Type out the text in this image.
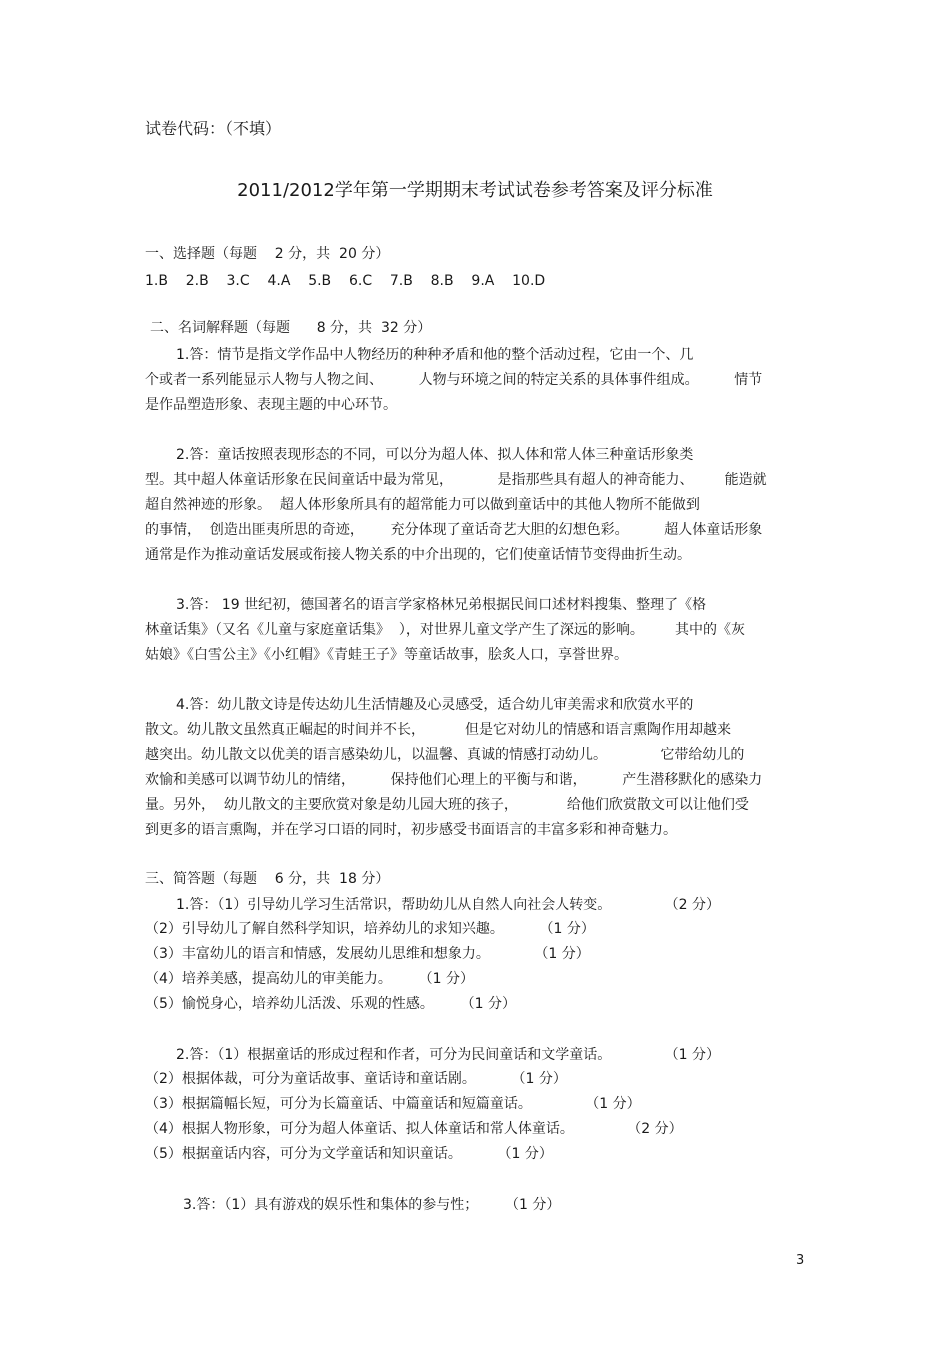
试卷代码：（不填）
2011/2012学年第一学期期末考试试卷参考答案及评分标准
一、选择题（每题    2 分，共  20 分）
1.B    2.B    3.C    4.A    5.B    6.C    7.B    8.B    9.A    10.D
二、名词解释题（每题      8 分，共  32 分）
1.答：情节是指文学作品中人物经历的种种矛盾和他的整个活动过程，它由一个、几
个或者一系列能显示人物与人物之间、        人物与环境之间的特定关系的具体事件组成。        情节
是作品塑造形象、表现主题的中心环节。
2.答：童话按照表现形态的不同，可以分为超人体、拟人体和常人体三种童话形象类
型。其中超人体童话形象在民间童话中最为常见，          是指那些具有超人的神奇能力、       能造就
超自然神迹的形象。  超人体形象所具有的超常能力可以做到童话中的其他人物所不能做到
的事情，  创造出匪夷所思的奇迹，      充分体现了童话奇艺大胆的幻想色彩。        超人体童话形象
通常是作为推动童话发展或衔接人物关系的中介出现的，它们使童话情节变得曲折生动。
3.答： 19 世纪初，德国著名的语言学家格林兄弟根据民间口述材料搜集、整理了《格
林童话集》（又名《儿童与家庭童话集》  ），对世界儿童文学产生了深远的影响。       其中的《灰
姑娘》《白雪公主》《小红帽》《青蛙王子》等童话故事，脍炙人口，享誉世界。
4.答：幼儿散文诗是传达幼儿生活情趣及心灵感受，适合幼儿审美需求和欣赏水平的
散文。幼儿散文虽然真正崛起的时间并不长，         但是它对幼儿的情感和语言熏陶作用却越来
越突出。幼儿散文以优美的语言感染幼儿，以温馨、真诚的情感打动幼儿。            它带给幼儿的
欢愉和美感可以调节幼儿的情绪，        保持他们心理上的平衡与和谐，        产生潜移默化的感染力
量。另外，  幼儿散文的主要欣赏对象是幼儿园大班的孩子，           给他们欣赏散文可以让他们受
到更多的语言熏陶，并在学习口语的同时，初步感受书面语言的丰富多彩和神奇魅力。
三、简答题（每题    6 分，共  18 分）
1.答：（1）引导幼儿学习生活常识，帮助幼儿从自然人向社会人转变。            （2 分）
（2）引导幼儿了解自然科学知识，培养幼儿的求知兴趣。        （1 分）
（3）丰富幼儿的语言和情感，发展幼儿思维和想象力。          （1 分）
（4）培养美感，提高幼儿的审美能力。      （1 分）
（5）愉悦身心，培养幼儿活泼、乐观的性感。      （1 分）
2.答：（1）根据童话的形成过程和作者，可分为民间童话和文学童话。            （1 分）
（2）根据体裁，可分为童话故事、童话诗和童话剧。        （1 分）
（3）根据篇幅长短，可分为长篇童话、中篇童话和短篇童话。            （1 分）
（4）根据人物形象，可分为超人体童话、拟人体童话和常人体童话。            （2 分）
（5）根据童话内容，可分为文学童话和知识童话。        （1 分）
3.答：（1）具有游戏的娱乐性和集体的参与性；      （1 分）
3
